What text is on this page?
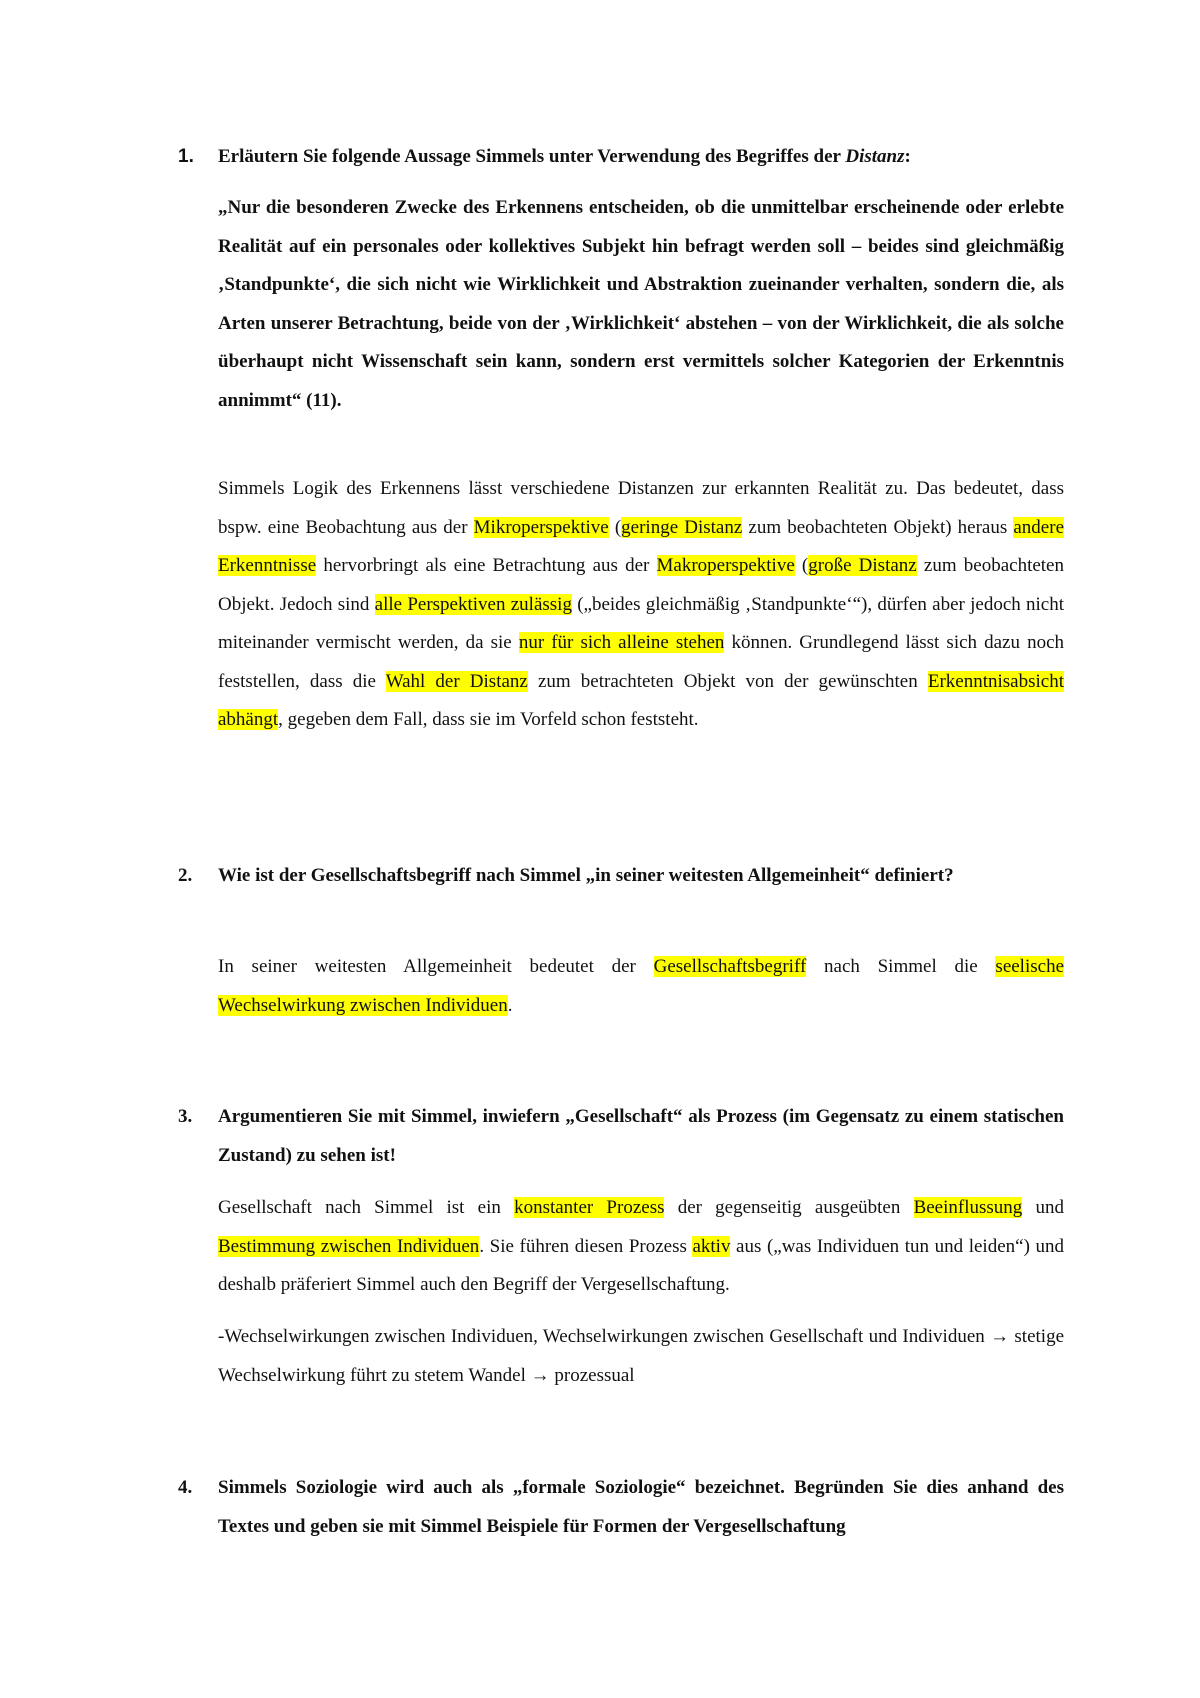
1.	Erläutern Sie folgende Aussage Simmels unter Verwendung des Begriffes der Distanz:

„Nur die besonderen Zwecke des Erkennens entscheiden, ob die unmittelbar erscheinende oder erlebte Realität auf ein personales oder kollektives Subjekt hin befragt werden soll – beides sind gleichmäßig ‚Standpunkte‘, die sich nicht wie Wirklichkeit und Abstraktion zueinander verhalten, sondern die, als Arten unserer Betrachtung, beide von der ‚Wirklichkeit‘ abstehen – von der Wirklichkeit, die als solche überhaupt nicht Wissenschaft sein kann, sondern erst vermittels solcher Kategorien der Erkenntnis annimmt“ (11).

Simmels Logik des Erkennens lässt verschiedene Distanzen zur erkannten Realität zu. Das bedeutet, dass bspw. eine Beobachtung aus der Mikroperspektive (geringe Distanz zum beobachteten Objekt) heraus andere Erkenntnisse hervorbringt als eine Betrachtung aus der Makroperspektive (große Distanz zum beobachteten Objekt. Jedoch sind alle Perspektiven zulässig („beides gleichmäßig ‚Standpunkte‘“), dürfen aber jedoch nicht miteinander vermischt werden, da sie nur für sich alleine stehen können. Grundlegend lässt sich dazu noch feststellen, dass die Wahl der Distanz zum betrachteten Objekt von der gewünschten Erkenntnisabsicht abhängt, gegeben dem Fall, dass sie im Vorfeld schon feststeht.

2.	Wie ist der Gesellschaftsbegriff nach Simmel „in seiner weitesten Allgemeinheit“ definiert?

In seiner weitesten Allgemeinheit bedeutet der Gesellschaftsbegriff nach Simmel die seelische Wechselwirkung zwischen Individuen.

3.	Argumentieren Sie mit Simmel, inwiefern „Gesellschaft“ als Prozess (im Gegensatz zu einem statischen Zustand) zu sehen ist!

Gesellschaft nach Simmel ist ein konstanter Prozess der gegenseitig ausgeübten Beeinflussung und Bestimmung zwischen Individuen. Sie führen diesen Prozess aktiv aus („was Individuen tun und leiden“) und deshalb präferiert Simmel auch den Begriff der Vergesellschaftung.

-Wechselwirkungen zwischen Individuen, Wechselwirkungen zwischen Gesellschaft und Individuen → stetige Wechselwirkung führt zu stetem Wandel → prozessual

4.	Simmels Soziologie wird auch als „formale Soziologie“ bezeichnet. Begründen Sie dies anhand des Textes und geben sie mit Simmel Beispiele für Formen der Vergesellschaftung
